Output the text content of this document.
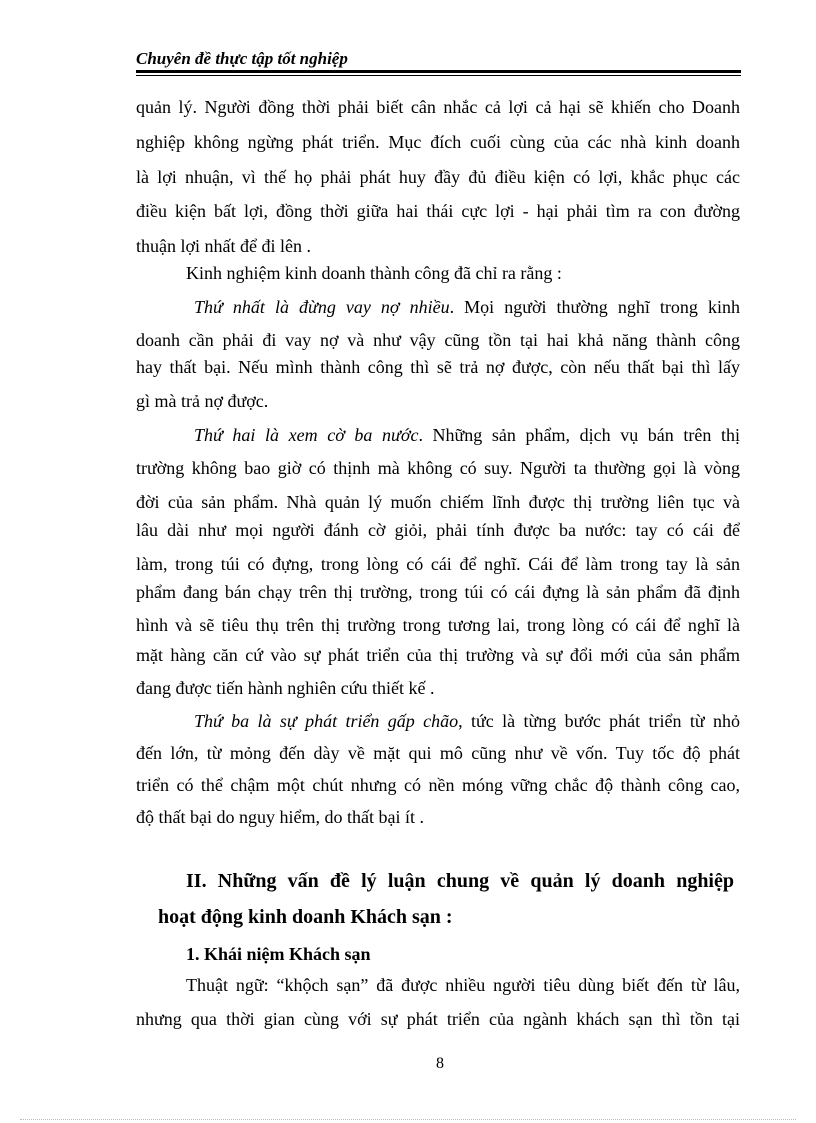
Chuyên đề thực tập tốt nghiệp
quản lý. Người đồng thời phải biết cân nhắc cả lợi cả hại sẽ khiến cho Doanh
nghiệp không ngừng phát triển. Mục đích cuối cùng của các nhà kinh doanh
là lợi nhuận, vì thế họ phải phát huy đầy đủ điều kiện có lợi, khắc phục các
điều kiện bất lợi, đồng thời giữa hai thái cực lợi - hại phải tìm ra con đường
thuận lợi nhất để đi lên .
Kinh nghiệm kinh doanh thành công đã chỉ ra rằng :
Thứ nhất là đừng vay nợ nhiều. Mọi người thường nghĩ trong kinh
doanh cần phải đi vay nợ và như vậy cũng tồn tại hai khả năng thành công
hay thất bại. Nếu mình thành công thì sẽ trả nợ được, còn nếu thất bại thì lấy
gì mà trả nợ được.
Thứ hai là xem cờ ba nước. Những sản phẩm, dịch vụ bán trên thị
trường không bao giờ có thịnh mà không có suy. Người ta thường gọi là vòng
đời của sản phẩm. Nhà quản lý muốn chiếm lĩnh được thị trường liên tục và
lâu dài như mọi người đánh cờ giỏi, phải tính được ba nước: tay có cái để
làm, trong túi có đựng, trong lòng có cái để nghĩ. Cái để làm trong tay là sản
phẩm đang bán chạy trên thị trường, trong túi có cái đựng là sản phẩm đã định
hình và sẽ tiêu thụ trên thị trường trong tương lai, trong lòng có cái để nghĩ là
mặt hàng căn cứ vào sự phát triển của thị trường và sự đổi mới của sản phẩm
đang được tiến hành nghiên cứu thiết kế .
Thứ ba là sự phát triển gấp chão, tức là từng bước phát triển từ nhỏ
đến lớn, từ mỏng đến dày về mặt qui mô cũng như về vốn. Tuy tốc độ phát
triển có thể chậm một chút nhưng có nền móng vững chắc độ thành công cao,
độ thất bại do nguy hiểm, do thất bại ít .
II. Những vấn đề lý luận chung về quản lý doanh nghiệp
hoạt động kinh doanh Khách sạn :
1. Khái niệm Khách sạn
Thuật ngữ: “khộch sạn” đã được nhiều người tiêu dùng biết đến từ lâu,
nhưng qua thời gian cùng với sự phát triển của ngành khách sạn thì tồn tại
8
